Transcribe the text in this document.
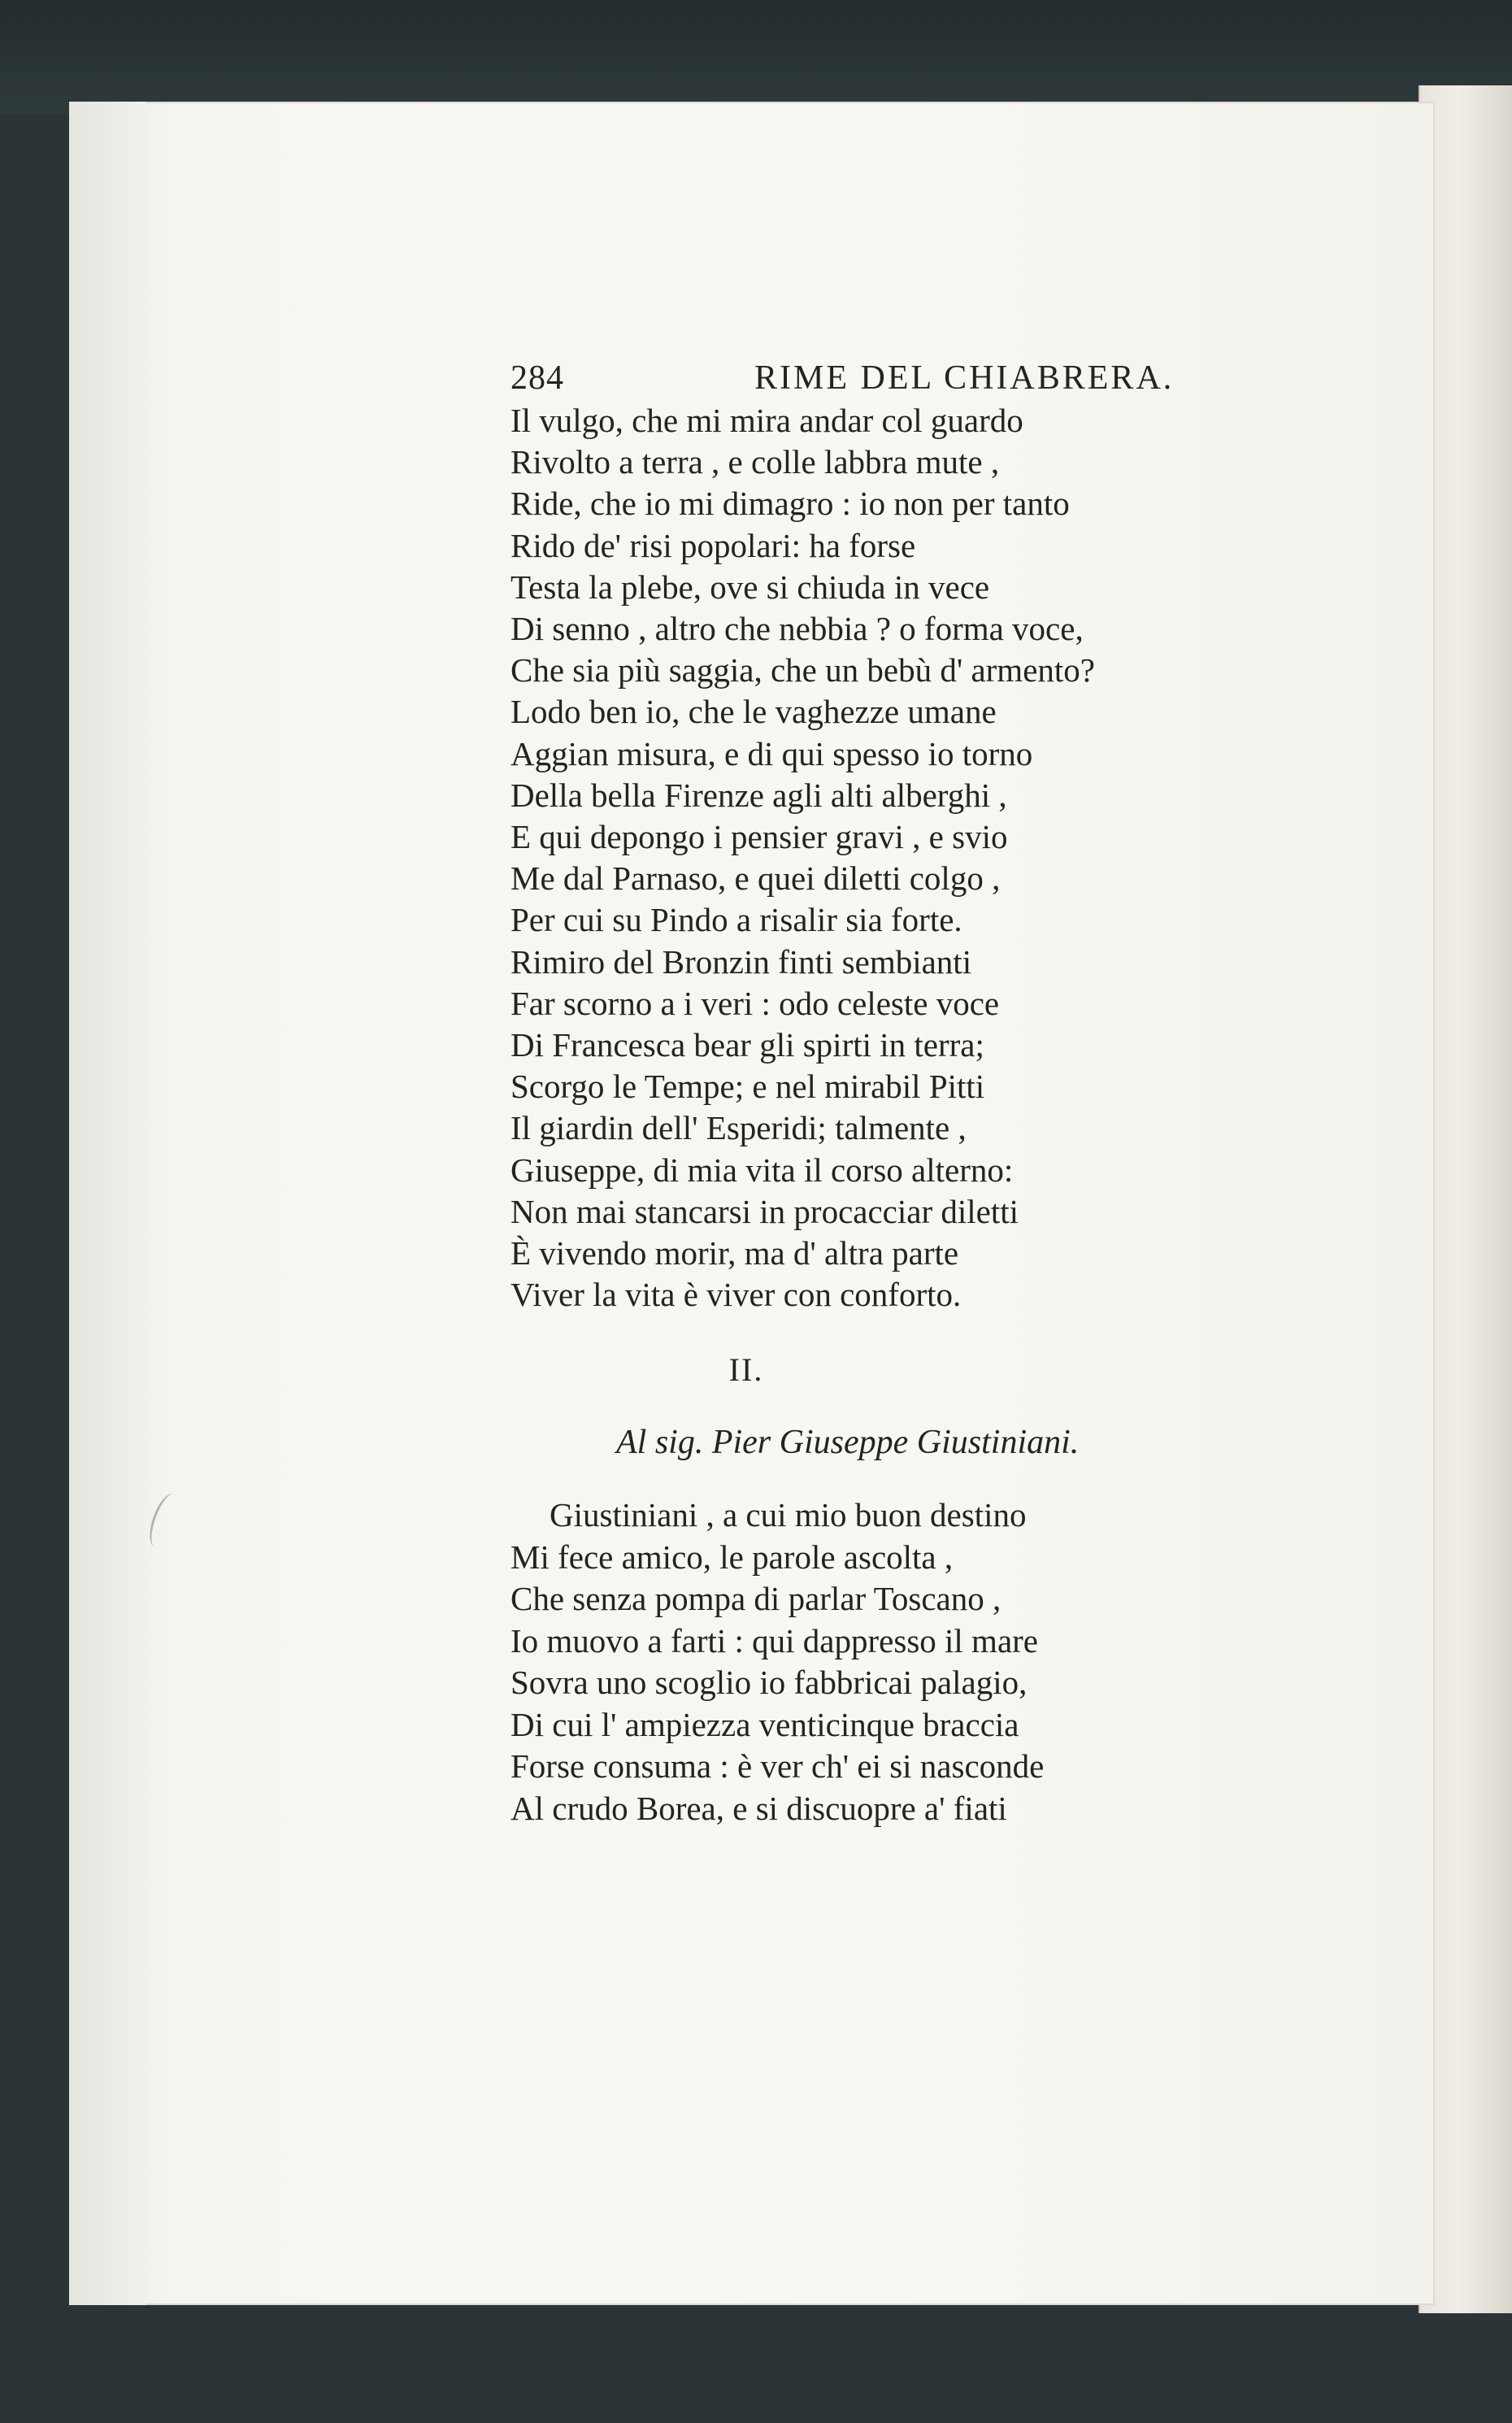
284	RIME DEL CHIABRERA.
Il vulgo, che mi mira andar col guardo
Rivolto a terra , e colle labbra mute ,
Ride, che io mi dimagro : io non per tanto
Rido de' risi popolari: ha forse
Testa la plebe, ove si chiuda in vece
Di senno , altro che nebbia ? o forma voce,
Che sia più saggia, che un bebù d' armento?
Lodo ben io, che le vaghezze umane
Aggian misura, e di qui spesso io torno
Della bella Firenze agli alti alberghi ,
E qui depongo i pensier gravi , e svio
Me dal Parnaso, e quei diletti colgo ,
Per cui su Pindo a risalir sia forte.
Rimiro del Bronzin finti sembianti
Far scorno a i veri : odo celeste voce
Di Francesca bear gli spirti in terra;
Scorgo le Tempe; e nel mirabil Pitti
Il giardin dell' Esperidi; talmente ,
Giuseppe, di mia vita il corso alterno:
Non mai stancarsi in procacciar diletti
È vivendo morir, ma d' altra parte
Viver la vita è viver con conforto.
II.
Al sig. Pier Giuseppe Giustiniani.
Giustiniani , a cui mio buon destino
Mi fece amico, le parole ascolta ,
Che senza pompa di parlar Toscano ,
Io muovo a farti : qui dappresso il mare
Sovra uno scoglio io fabbricai palagio,
Di cui l' ampiezza venticinque braccia
Forse consuma : è ver ch' ei si nasconde
Al crudo Borea, e si discuopre a' fiati
